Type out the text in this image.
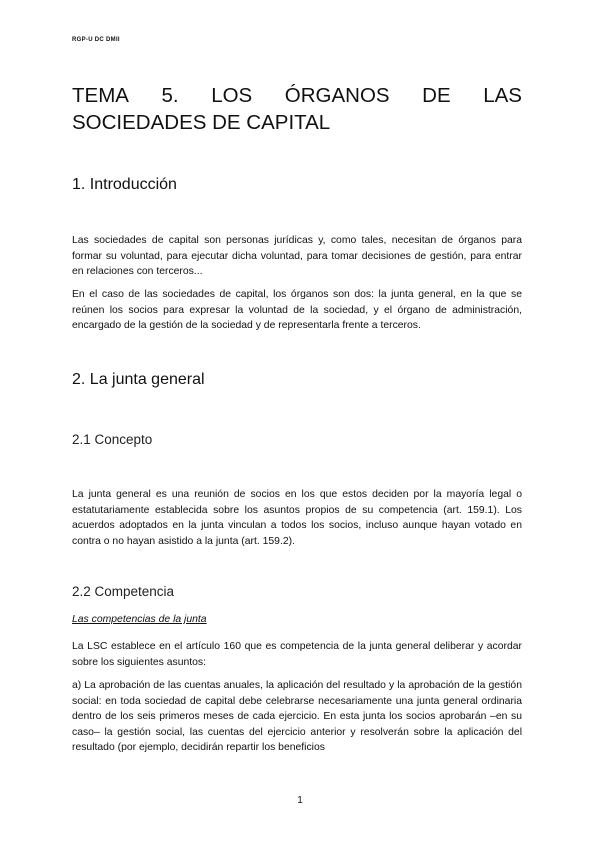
RGP-U DC DMII
TEMA 5. LOS ÓRGANOS DE LAS
SOCIEDADES DE CAPITAL
1. Introducción

Las sociedades de capital son personas jurídicas y, como tales, necesitan de órganos para formar su voluntad, para ejecutar dicha voluntad, para tomar decisiones de gestión, para entrar en relaciones con terceros...

En el caso de las sociedades de capital, los órganos son dos: la junta general, en la que se reúnen los socios para expresar la voluntad de la sociedad, y el órgano de administración, encargado de la gestión de la sociedad y de representarla frente a terceros.

2. La junta general
2.1 Concepto

La junta general es una reunión de socios en los que estos deciden por la mayoría legal o estatutariamente establecida sobre los asuntos propios de su competencia (art. 159.1). Los acuerdos adoptados en la junta vinculan a todos los socios, incluso aunque hayan votado en contra o no hayan asistido a la junta (art. 159.2).

2.2 Competencia
Las competencias de la junta

La LSC establece en el artículo 160 que es competencia de la junta general deliberar y acordar sobre los siguientes asuntos:

a) La aprobación de las cuentas anuales, la aplicación del resultado y la aprobación de la gestión social: en toda sociedad de capital debe celebrarse necesariamente una junta general ordinaria dentro de los seis primeros meses de cada ejercicio. En esta junta los socios aprobarán –en su caso– la gestión social, las cuentas del ejercicio anterior y resolverán sobre la aplicación del resultado (por ejemplo, decidirán repartir los beneficios

1
